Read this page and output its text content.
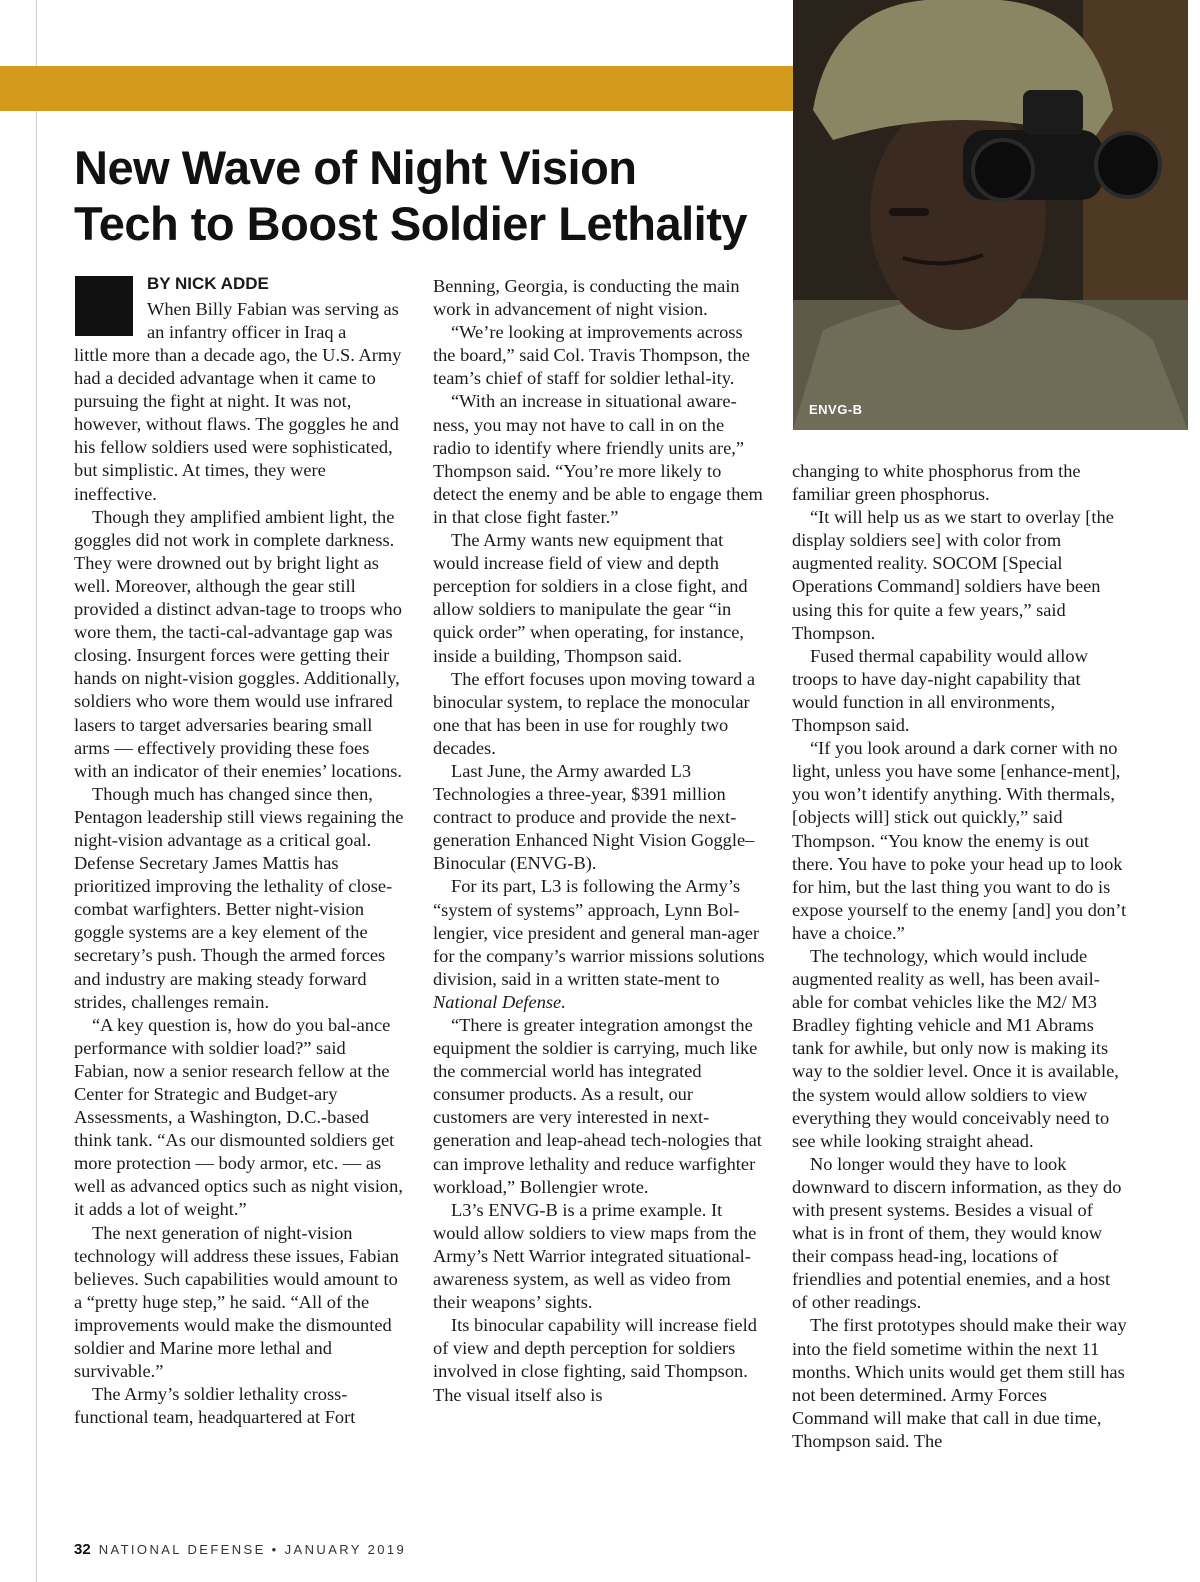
ENVG-B
New Wave of Night Vision
Tech to Boost Soldier Lethality

BY NICK ADDE

When Billy Fabian was serving as an infantry officer in Iraq a

little more than a decade ago, the U.S. Army had a decided advantage when it came to pursuing the fight at night. It was not, however, without flaws. The goggles he and his fellow soldiers used were sophisticated, but simplistic. At times, they were ineffective.

Though they amplified ambient light, the goggles did not work in complete darkness. They were drowned out by bright light as well. Moreover, although the gear still provided a distinct advan-tage to troops who wore them, the tacti-cal-advantage gap was closing. Insurgent forces were getting their hands on night-vision goggles. Additionally, soldiers who wore them would use infrared lasers to target adversaries bearing small arms — effectively providing these foes with an indicator of their enemies’ locations.

Though much has changed since then, Pentagon leadership still views regaining the night-vision advantage as a critical goal. Defense Secretary James Mattis has prioritized improving the lethality of close-combat warfighters. Better night-vision goggle systems are a key element of the secretary’s push. Though the armed forces and industry are making steady forward strides, challenges remain.

“A key question is, how do you bal-ance performance with soldier load?” said Fabian, now a senior research fellow at the Center for Strategic and Budget-ary Assessments, a Washington, D.C.-based think tank. “As our dismounted soldiers get more protection — body armor, etc. — as well as advanced optics such as night vision, it adds a lot of weight.”

The next generation of night-vision technology will address these issues, Fabian believes. Such capabilities would amount to a “pretty huge step,” he said. “All of the improvements would make the dismounted soldier and Marine more lethal and survivable.”

The Army’s soldier lethality cross-functional team, headquartered at Fort

Benning, Georgia, is conducting the main work in advancement of night vision.

“We’re looking at improvements across the board,” said Col. Travis Thompson, the team’s chief of staff for soldier lethal-ity.

“With an increase in situational aware-ness, you may not have to call in on the radio to identify where friendly units are,” Thompson said. “You’re more likely to detect the enemy and be able to engage them in that close fight faster.”

The Army wants new equipment that would increase field of view and depth perception for soldiers in a close fight, and allow soldiers to manipulate the gear “in quick order” when operating, for instance, inside a building, Thompson said.

The effort focuses upon moving toward a binocular system, to replace the monocular one that has been in use for roughly two decades.

Last June, the Army awarded L3 Technologies a three-year, $391 million contract to produce and provide the next-generation Enhanced Night Vision Goggle–Binocular (ENVG-B).

For its part, L3 is following the Army’s “system of systems” approach, Lynn Bol-lengier, vice president and general man-ager for the company’s warrior missions solutions division, said in a written state-ment to National Defense.

“There is greater integration amongst the equipment the soldier is carrying, much like the commercial world has integrated consumer products. As a result, our customers are very interested in next-generation and leap-ahead tech-nologies that can improve lethality and reduce warfighter workload,” Bollengier wrote.

L3’s ENVG-B is a prime example. It would allow soldiers to view maps from the Army’s Nett Warrior integrated situational-awareness system, as well as video from their weapons’ sights.

Its binocular capability will increase field of view and depth perception for soldiers involved in close fighting, said Thompson. The visual itself also is

changing to white phosphorus from the familiar green phosphorus.

“It will help us as we start to overlay [the display soldiers see] with color from augmented reality. SOCOM [Special Operations Command] soldiers have been using this for quite a few years,” said Thompson.

Fused thermal capability would allow troops to have day-night capability that would function in all environments, Thompson said.

“If you look around a dark corner with no light, unless you have some [enhance-ment], you won’t identify anything. With thermals, [objects will] stick out quickly,” said Thompson. “You know the enemy is out there. You have to poke your head up to look for him, but the last thing you want to do is expose yourself to the enemy [and] you don’t have a choice.”

The technology, which would include augmented reality as well, has been avail-able for combat vehicles like the M2/ M3 Bradley fighting vehicle and M1 Abrams tank for awhile, but only now is making its way to the soldier level. Once it is available, the system would allow soldiers to view everything they would conceivably need to see while looking straight ahead.

No longer would they have to look downward to discern information, as they do with present systems. Besides a visual of what is in front of them, they would know their compass head-ing, locations of friendlies and potential enemies, and a host of other readings.

The first prototypes should make their way into the field sometime within the next 11 months. Which units would get them still has not been determined. Army Forces Command will make that call in due time, Thompson said. The

32 NATIONAL DEFENSE • JANUARY 2019
